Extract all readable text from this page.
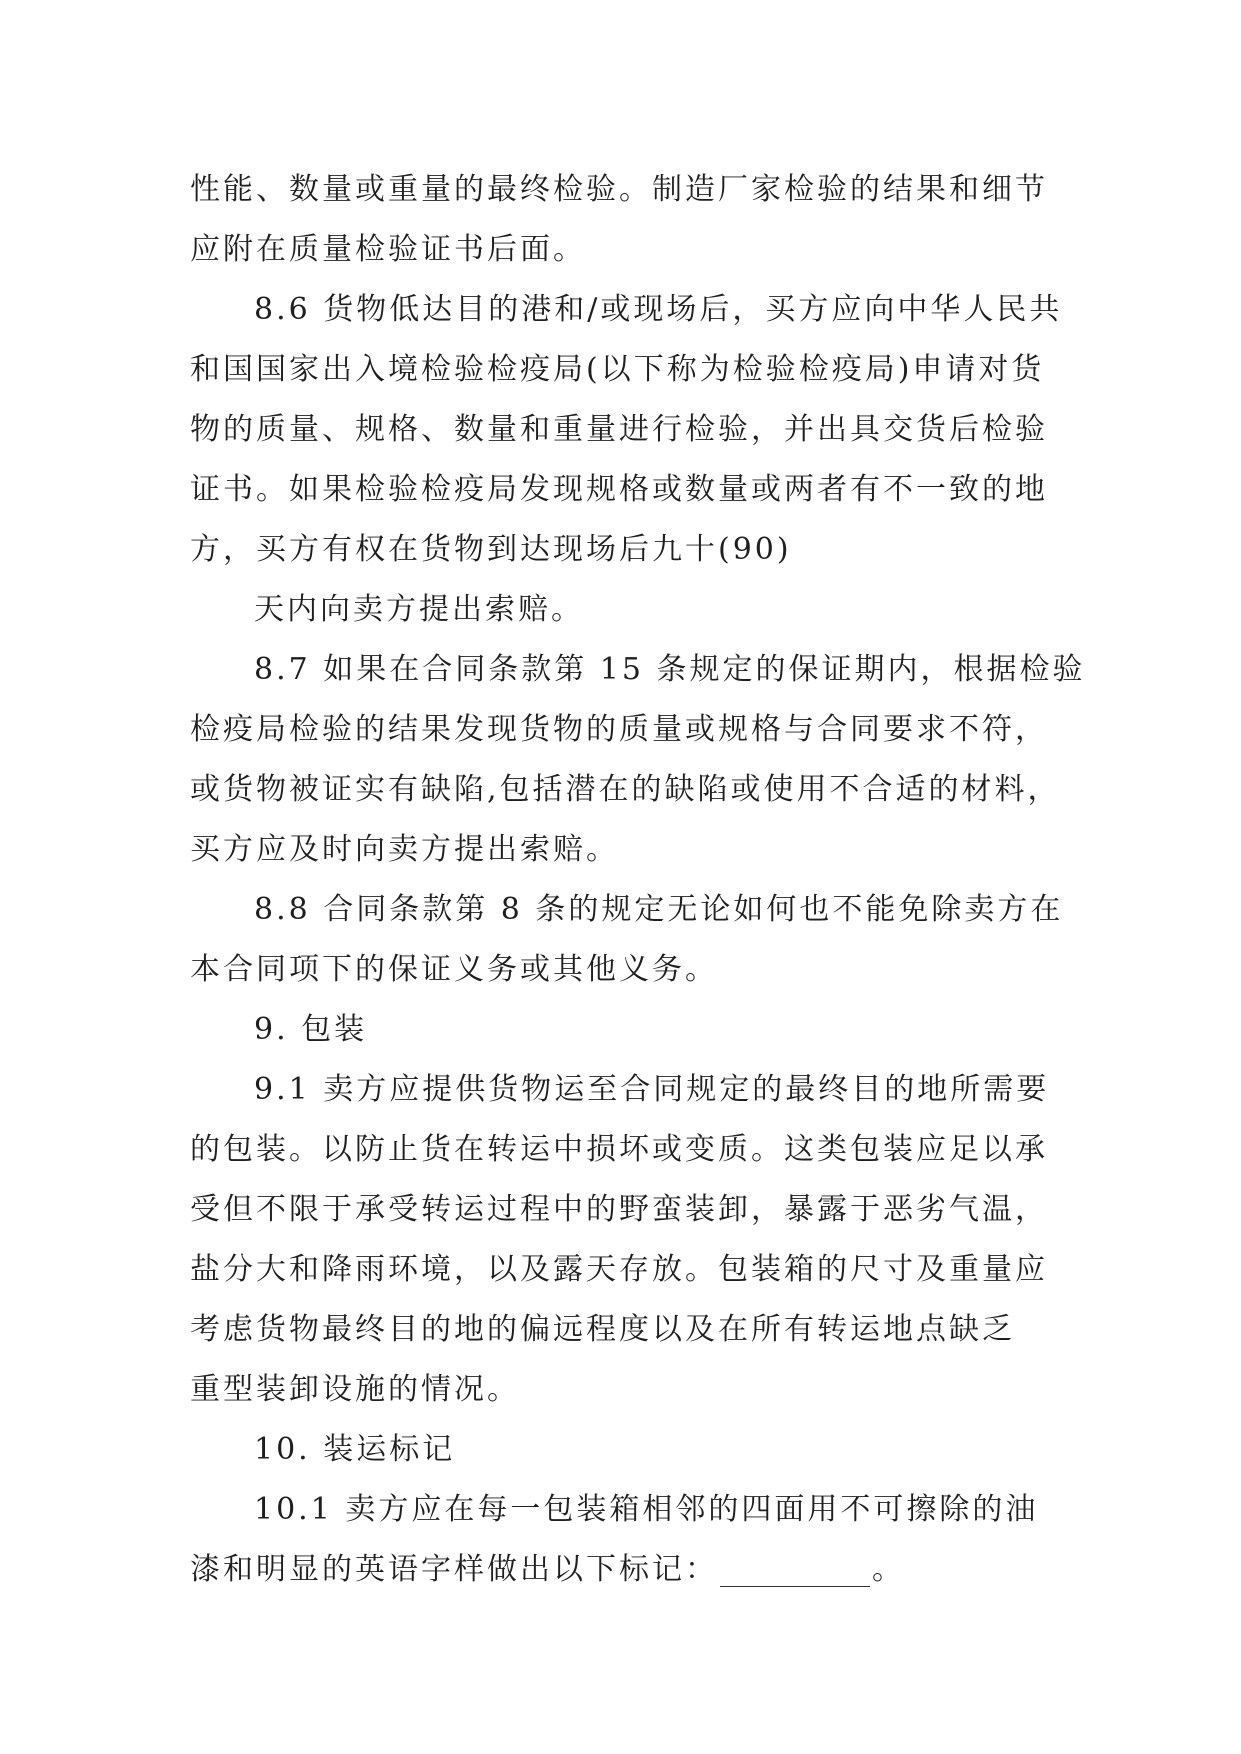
性能、数量或重量的最终检验。制造厂家检验的结果和细节
应附在质量检验证书后面。
8.6 货物低达目的港和/或现场后，买方应向中华人民共
和国国家出入境检验检疫局(以下称为检验检疫局)申请对货
物的质量、规格、数量和重量进行检验，并出具交货后检验
证书。如果检验检疫局发现规格或数量或两者有不一致的地
方，买方有权在货物到达现场后九十(90)
天内向卖方提出索赔。
8.7 如果在合同条款第 15 条规定的保证期内，根据检验
检疫局检验的结果发现货物的质量或规格与合同要求不符，
或货物被证实有缺陷,包括潜在的缺陷或使用不合适的材料，
买方应及时向卖方提出索赔。
8.8 合同条款第 8 条的规定无论如何也不能免除卖方在
本合同项下的保证义务或其他义务。
9. 包装
9.1 卖方应提供货物运至合同规定的最终目的地所需要
的包装。以防止货在转运中损坏或变质。这类包装应足以承
受但不限于承受转运过程中的野蛮装卸，暴露于恶劣气温，
盐分大和降雨环境，以及露天存放。包装箱的尺寸及重量应
考虑货物最终目的地的偏远程度以及在所有转运地点缺乏
重型装卸设施的情况。
10. 装运标记
10.1 卖方应在每一包装箱相邻的四面用不可擦除的油
漆和明显的英语字样做出以下标记：	。
